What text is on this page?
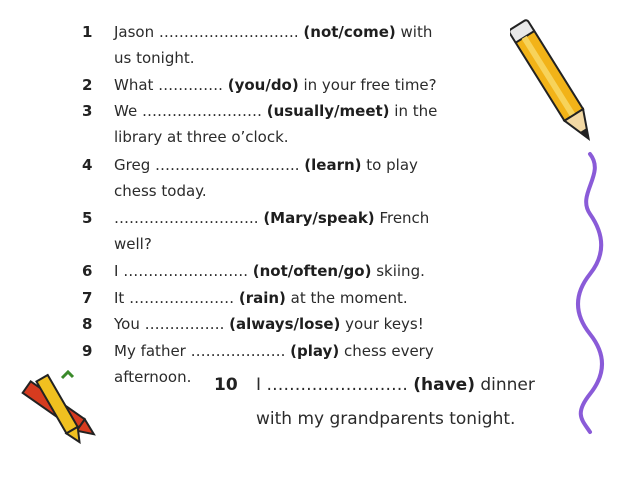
1 Jason ………………………. (not/come) with
us tonight.
2 What …………. (you/do) in your free time?
3 We …………………… (usually/meet) in the
library at three o’clock.
4 Greg ……………………….. (learn) to play
chess today.
5 ……………………….. (Mary/speak) French
well?
6 I ……………………. (not/often/go) skiing.
7 It ………………… (rain) at the moment.
8 You ……………. (always/lose) your keys!
9 My father ………………. (play) chess every
afternoon. 10 I ……………………. (have) dinner
with my grandparents tonight.
